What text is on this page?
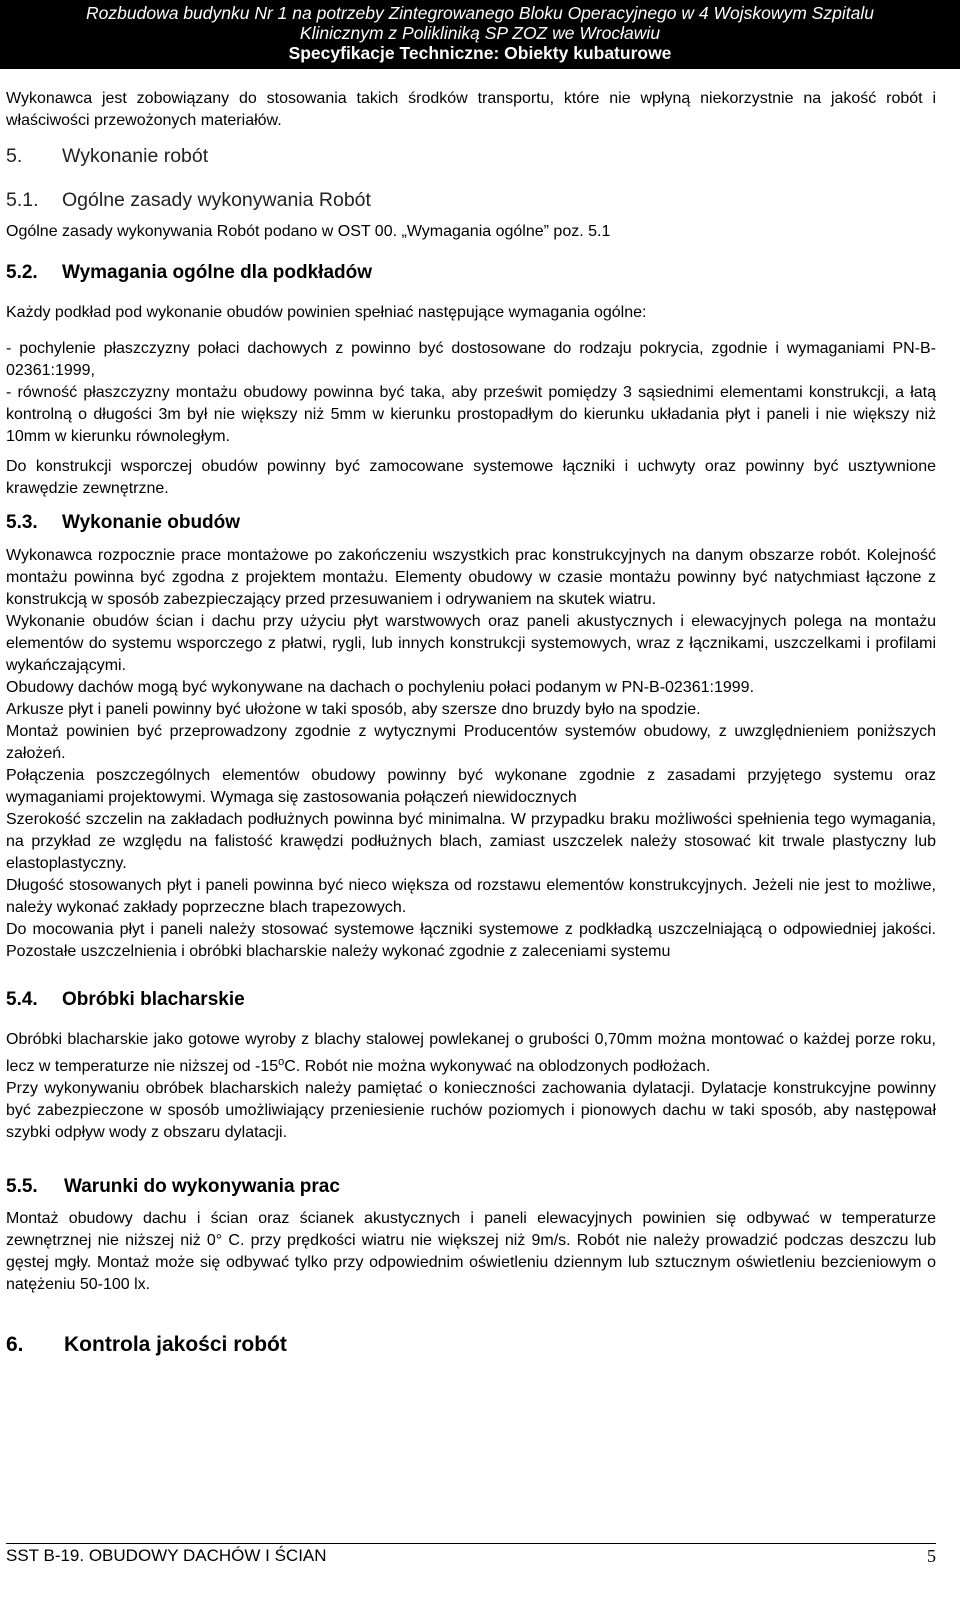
Rozbudowa budynku Nr 1 na potrzeby Zintegrowanego Bloku Operacyjnego w 4 Wojskowym Szpitalu
Klinicznym z Polikliniką SP ZOZ we Wrocławiu
Specyfikacje Techniczne: Obiekty kubaturowe

Wykonawca jest zobowiązany do stosowania takich środków transportu, które nie wpłyną niekorzystnie na jakość robót i właściwości przewożonych materiałów.

5. Wykonanie robót

5.1. Ogólne zasady wykonywania Robót

Ogólne zasady wykonywania Robót podano w OST 00. „Wymagania ogólne” poz. 5.1

5.2. Wymagania ogólne dla podkładów

Każdy podkład pod wykonanie obudów powinien spełniać następujące wymagania ogólne:

- pochylenie płaszczyzny połaci dachowych z powinno być dostosowane do rodzaju pokrycia, zgodnie i wymaganiami PN-B-02361:1999,

- równość płaszczyzny montażu obudowy powinna być taka, aby prześwit pomiędzy 3 sąsiednimi elementami konstrukcji, a łatą kontrolną o długości 3m był nie większy niż 5mm w kierunku prostopadłym do kierunku układania płyt i paneli i nie większy niż 10mm w kierunku równoległym.

Do konstrukcji wsporczej obudów powinny być zamocowane systemowe łączniki i uchwyty oraz powinny być usztywnione krawędzie zewnętrzne.

5.3. Wykonanie obudów

Wykonawca rozpocznie prace montażowe po zakończeniu wszystkich prac konstrukcyjnych na danym obszarze robót. Kolejność montażu powinna być zgodna z projektem montażu. Elementy obudowy w czasie montażu powinny być natychmiast łączone z konstrukcją w sposób zabezpieczający przed przesuwaniem i odrywaniem na skutek wiatru.

Wykonanie obudów ścian i dachu przy użyciu płyt warstwowych oraz paneli akustycznych i elewacyjnych polega na montażu elementów do systemu wsporczego z płatwi, rygli, lub innych konstrukcji systemowych, wraz z łącznikami, uszczelkami i profilami wykańczającymi.

Obudowy dachów mogą być wykonywane na dachach o pochyleniu połaci podanym w PN-B-02361:1999.

Arkusze płyt i paneli powinny być ułożone w taki sposób, aby szersze dno bruzdy było na spodzie.

Montaż powinien być przeprowadzony zgodnie z wytycznymi Producentów systemów obudowy, z uwzględnieniem poniższych założeń.

Połączenia poszczególnych elementów obudowy powinny być wykonane zgodnie z zasadami przyjętego systemu oraz wymaganiami projektowymi. Wymaga się zastosowania połączeń niewidocznych

Szerokość szczelin na zakładach podłużnych powinna być minimalna. W przypadku braku możliwości spełnienia tego wymagania, na przykład ze względu na falistość krawędzi podłużnych blach, zamiast uszczelek należy stosować kit trwale plastyczny lub elastoplastyczny.

Długość stosowanych płyt i paneli powinna być nieco większa od rozstawu elementów konstrukcyjnych. Jeżeli nie jest to możliwe, należy wykonać zakłady poprzeczne blach trapezowych.

Do mocowania płyt i paneli należy stosować systemowe łączniki systemowe z podkładką uszczelniającą o odpowiedniej jakości. Pozostałe uszczelnienia i obróbki blacharskie należy wykonać zgodnie z zaleceniami systemu

5.4. Obróbki blacharskie

Obróbki blacharskie jako gotowe wyroby z blachy stalowej powlekanej o grubości 0,70mm można montować o każdej porze roku, lecz w temperaturze nie niższej od -15$^o$C. Robót nie można wykonywać na oblodzonych podłożach.

Przy wykonywaniu obróbek blacharskich należy pamiętać o konieczności zachowania dylatacji. Dylatacje konstrukcyjne powinny być zabezpieczone w sposób umożliwiający przeniesienie ruchów poziomych i pionowych dachu w taki sposób, aby następował szybki odpływ wody z obszaru dylatacji.

5.5. Warunki do wykonywania prac

Montaż obudowy dachu i ścian oraz ścianek akustycznych i paneli elewacyjnych powinien się odbywać w temperaturze zewnętrznej nie niższej niż 0° C. przy prędkości wiatru nie większej niż 9m/s. Robót nie należy prowadzić podczas deszczu lub gęstej mgły. Montaż może się odbywać tylko przy odpowiednim oświetleniu dziennym lub sztucznym oświetleniu bezcieniowym o natężeniu 50-100 lx.

6. Kontrola jakości robót

SST B-19. OBUDOWY DACHÓW I ŚCIAN	5
